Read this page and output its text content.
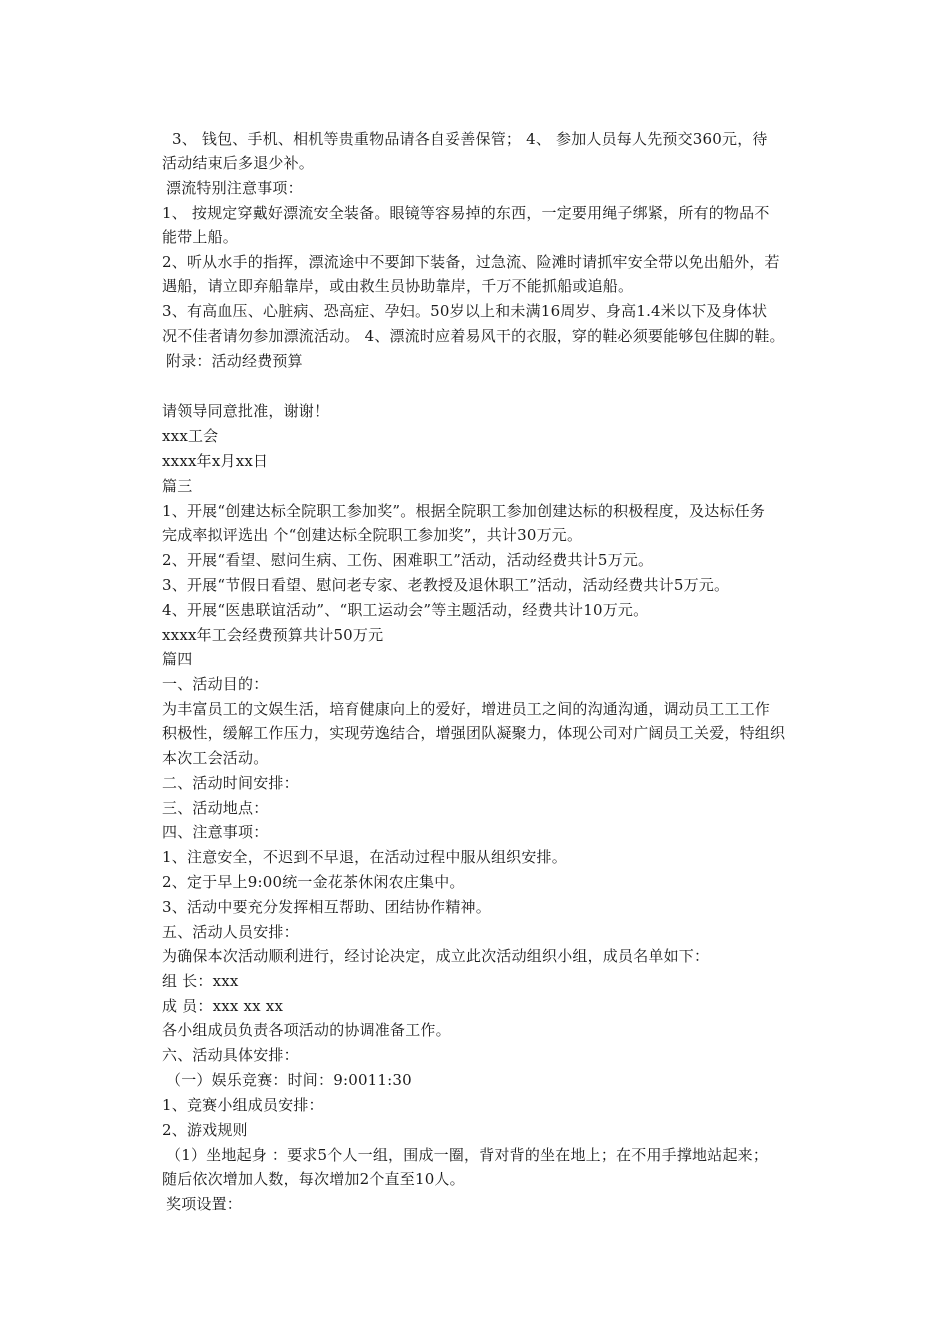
3、 钱包、手机、相机等贵重物品请各自妥善保管； 4、 参加人员每人先预交360元，待
活动结束后多退少补。
漂流特别注意事项：
1、 按规定穿戴好漂流安全装备。眼镜等容易掉的东西，一定要用绳子绑紧，所有的物品不
能带上船。
2、听从水手的指挥，漂流途中不要卸下装备，过急流、险滩时请抓牢安全带以免出船外，若
遇船，请立即弃船靠岸，或由救生员协助靠岸，千万不能抓船或追船。
3、有高血压、心脏病、恐高症、孕妇。50岁以上和未满16周岁、身高1.4米以下及身体状
况不佳者请勿参加漂流活动。 4、漂流时应着易风干的衣服，穿的鞋必须要能够包住脚的鞋。
附录：活动经费预算
请领导同意批准，谢谢！
xxx工会
xxxx年x月xx日
篇三
1、开展“创建达标全院职工参加奖”。根据全院职工参加创建达标的积极程度，及达标任务
完成率拟评选出 个“创建达标全院职工参加奖”，共计30万元。
2、开展“看望、慰问生病、工伤、困难职工”活动，活动经费共计5万元。
3、开展“节假日看望、慰问老专家、老教授及退休职工”活动，活动经费共计5万元。
4、开展“医患联谊活动”、“职工运动会”等主题活动，经费共计10万元。
xxxx年工会经费预算共计50万元
篇四
一、活动目的：
为丰富员工的文娱生活，培育健康向上的爱好，增进员工之间的沟通沟通，调动员工工工作
积极性，缓解工作压力，实现劳逸结合，增强团队凝聚力，体现公司对广阔员工关爱，特组织
本次工会活动。
二、活动时间安排：
三、活动地点：
四、注意事项：
1、注意安全，不迟到不早退，在活动过程中服从组织安排。
2、定于早上9:00统一金花茶休闲农庄集中。
3、活动中要充分发挥相互帮助、团结协作精神。
五、活动人员安排：
为确保本次活动顺利进行，经讨论决定，成立此次活动组织小组，成员名单如下：
组 长：xxx
成 员：xxx xx xx
各小组成员负责各项活动的协调准备工作。
六、活动具体安排：
（一）娱乐竞赛：时间：9:0011:30
1、竞赛小组成员安排：
2、游戏规则
（1）坐地起身 ：要求5个人一组，围成一圈，背对背的坐在地上；在不用手撑地站起来；
随后依次增加人数，每次增加2个直至10人。
奖项设置：
